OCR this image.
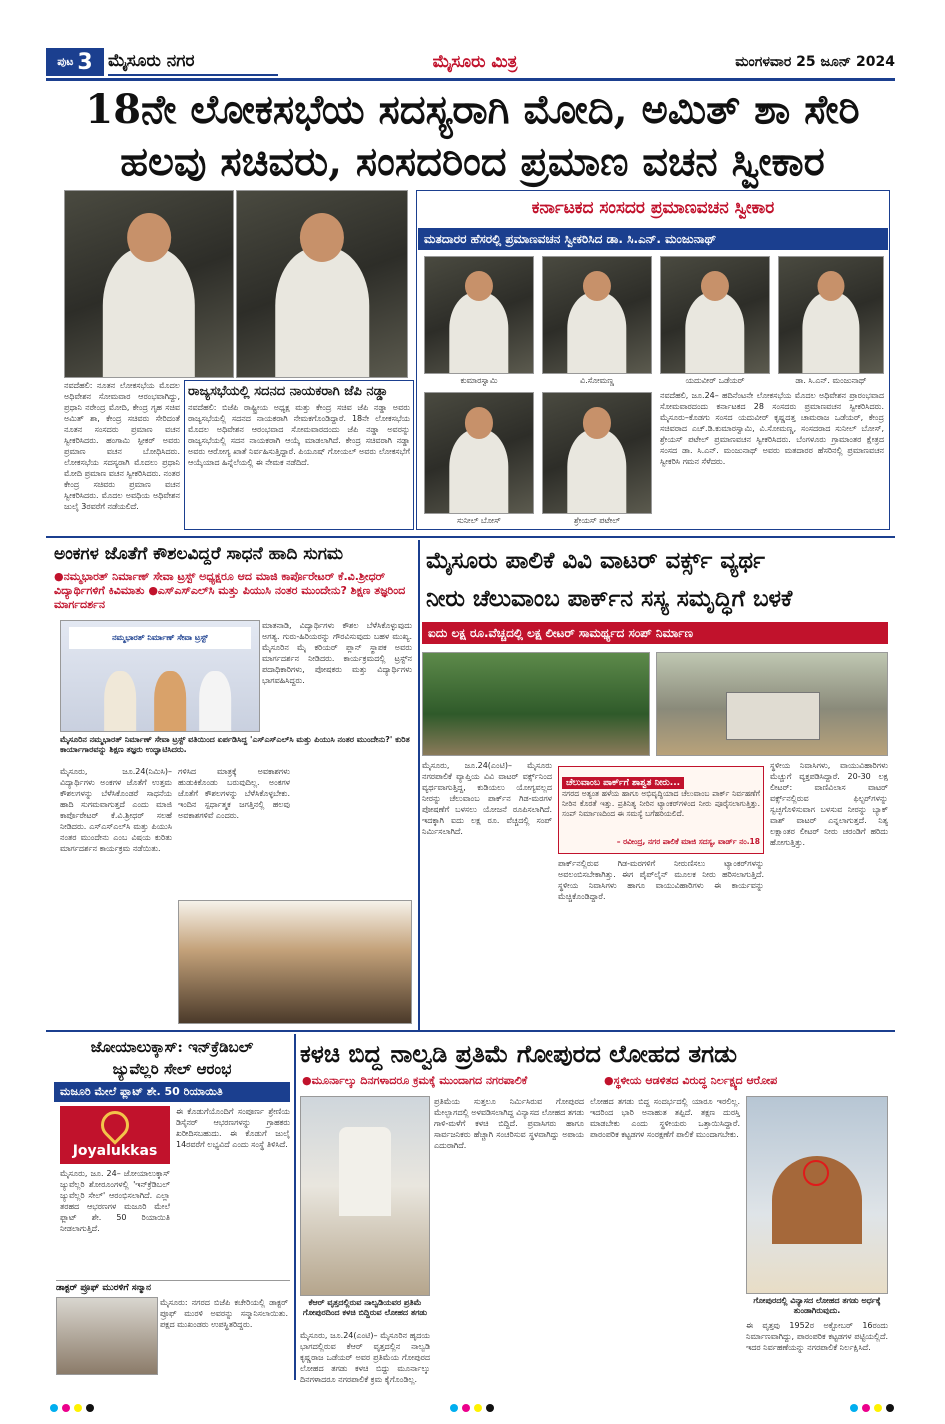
ಪುಟ 3 ಮೈಸೂರು ನಗರ	ಮೈಸೂರು ಮಿತ್ರ	ಮಂಗಳವಾರ 25 ಜೂನ್ 2024
18ನೇ ಲೋಕಸಭೆಯ ಸದಸ್ಯರಾಗಿ ಮೋದಿ, ಅಮಿತ್ ಶಾ ಸೇರಿ
ಹಲವು ಸಚಿವರು, ಸಂಸದರಿಂದ ಪ್ರಮಾಣ ವಚನ ಸ್ವೀಕಾರ
ನವದೆಹಲಿ: ನೂತನ ಲೋಕಸಭೆಯ ಮೊದಲ ಅಧಿವೇಶನ ಸೋಮವಾರ ಆರಂಭವಾಗಿದ್ದು, ಪ್ರಧಾನಿ ನರೇಂದ್ರ ಮೋದಿ, ಕೇಂದ್ರ ಗೃಹ ಸಚಿವ ಅಮಿತ್ ಶಾ, ಕೇಂದ್ರ ಸಚಿವರು ಸೇರಿದಂತೆ ನೂತನ ಸಂಸದರು ಪ್ರಮಾಣ ವಚನ ಸ್ವೀಕರಿಸಿದರು. ಹಂಗಾಮಿ ಸ್ಪೀಕರ್ ಅವರು ಪ್ರಮಾಣ ವಚನ ಬೋಧಿಸಿದರು. ಲೋಕಸಭೆಯ ಸದಸ್ಯರಾಗಿ ಮೊದಲು ಪ್ರಧಾನಿ ಮೋದಿ ಪ್ರಮಾಣ ವಚನ ಸ್ವೀಕರಿಸಿದರು. ನಂತರ ಕೇಂದ್ರ ಸಚಿವರು ಪ್ರಮಾಣ ವಚನ ಸ್ವೀಕರಿಸಿದರು. ಮೊದಲ ಅವಧಿಯ ಅಧಿವೇಶನ ಜುಲೈ 3ರವರೆಗೆ ನಡೆಯಲಿದೆ.
ರಾಜ್ಯಸಭೆಯಲ್ಲಿ ಸದನದ ನಾಯಕರಾಗಿ ಜೆಪಿ ನಡ್ಡಾ
ನವದೆಹಲಿ: ಬಿಜೆಪಿ ರಾಷ್ಟ್ರೀಯ ಅಧ್ಯಕ್ಷ ಮತ್ತು ಕೇಂದ್ರ ಸಚಿವ ಜೆಪಿ ನಡ್ಡಾ ಅವರು ರಾಜ್ಯಸಭೆಯಲ್ಲಿ ಸದನದ ನಾಯಕರಾಗಿ ನೇಮಕಗೊಂಡಿದ್ದಾರೆ. 18ನೇ ಲೋಕಸಭೆಯ ಮೊದಲ ಅಧಿವೇಶನ ಆರಂಭವಾದ ಸೋಮವಾರದಂದು ಜೆಪಿ ನಡ್ಡಾ ಅವರನ್ನು ರಾಜ್ಯಸಭೆಯಲ್ಲಿ ಸದನ ನಾಯಕರಾಗಿ ಆಯ್ಕೆ ಮಾಡಲಾಗಿದೆ. ಕೇಂದ್ರ ಸಚಿವರಾಗಿ ನಡ್ಡಾ ಅವರು ಆರೋಗ್ಯ ಖಾತೆ ನಿರ್ವಹಿಸುತ್ತಿದ್ದಾರೆ. ಪಿಯೂಷ್ ಗೋಯಲ್ ಅವರು ಲೋಕಸಭೆಗೆ ಆಯ್ಕೆಯಾದ ಹಿನ್ನೆಲೆಯಲ್ಲಿ ಈ ನೇಮಕ ನಡೆದಿದೆ.
ಕರ್ನಾಟಕದ ಸಂಸದರ ಪ್ರಮಾಣವಚನ ಸ್ವೀಕಾರ
ಮತದಾರರ ಹೆಸರಲ್ಲಿ ಪ್ರಮಾಣವಚನ ಸ್ವೀಕರಿಸಿದ ಡಾ. ಸಿ.ಎನ್. ಮಂಜುನಾಥ್
ಕುಮಾರಸ್ವಾಮಿ	ವಿ.ಸೋಮಣ್ಣ	ಯದುವೀರ್ ಒಡೆಯರ್	ಡಾ. ಸಿ.ಎನ್. ಮಂಜುನಾಥ್
ಸುನೀಲ್ ಬೋಸ್	ಶ್ರೇಯಸ್ ಪಟೇಲ್
ನವದೆಹಲಿ, ಜೂ.24– ಹದಿನೆಂಟನೇ ಲೋಕಸಭೆಯ ಮೊದಲ ಅಧಿವೇಶನ ಪ್ರಾರಂಭವಾದ ಸೋಮವಾರದಂದು ಕರ್ನಾಟಕದ 28 ಸಂಸದರು ಪ್ರಮಾಣವಚನ ಸ್ವೀಕರಿಸಿದರು. ಮೈಸೂರು–ಕೊಡಗು ಸಂಸದ ಯದುವೀರ್ ಕೃಷ್ಣದತ್ತ ಚಾಮರಾಜ ಒಡೆಯರ್, ಕೇಂದ್ರ ಸಚಿವರಾದ ಎಚ್.ಡಿ.ಕುಮಾರಸ್ವಾಮಿ, ವಿ.ಸೋಮಣ್ಣ, ಸಂಸದರಾದ ಸುನೀಲ್ ಬೋಸ್, ಶ್ರೇಯಸ್ ಪಟೇಲ್ ಪ್ರಮಾಣವಚನ ಸ್ವೀಕರಿಸಿದರು. ಬೆಂಗಳೂರು ಗ್ರಾಮಾಂತರ ಕ್ಷೇತ್ರದ ಸಂಸದ ಡಾ. ಸಿ.ಎನ್. ಮಂಜುನಾಥ್ ಅವರು ಮತದಾರರ ಹೆಸರಿನಲ್ಲಿ ಪ್ರಮಾಣವಚನ ಸ್ವೀಕರಿಸಿ ಗಮನ ಸೆಳೆದರು.
ಅಂಕಗಳ ಜೊತೆಗೆ ಕೌಶಲವಿದ್ದರೆ ಸಾಧನೆ ಹಾದಿ ಸುಗಮ
●ನಮ್ಮಭಾರತ್ ನಿರ್ಮಾಣ್ ಸೇವಾ ಟ್ರಸ್ಟ್ ಅಧ್ಯಕ್ಷರೂ ಆದ ಮಾಜಿ ಕಾರ್ಪೊರೇಟರ್ ಕೆ.ವಿ.ಶ್ರೀಧರ್ ವಿದ್ಯಾರ್ಥಿಗಳಿಗೆ ಕಿವಿಮಾತು ●ಎಸ್‌ಎಸ್‌ಎಲ್‌ಸಿ ಮತ್ತು ಪಿಯುಸಿ ನಂತರ ಮುಂದೇನು? ಶಿಕ್ಷಣ ತಜ್ಞರಿಂದ ಮಾರ್ಗದರ್ಶನ
ನಮ್ಮಭಾರತ್ ನಿರ್ಮಾಣ್ ಸೇವಾ ಟ್ರಸ್ಟ್
ಮಾತನಾಡಿ, ವಿದ್ಯಾರ್ಥಿಗಳು ಕೌಶಲ ಬೆಳೆಸಿಕೊಳ್ಳುವುದು ಅಗತ್ಯ. ಗುರು-ಹಿರಿಯರನ್ನು ಗೌರವಿಸುವುದು ಬಹಳ ಮುಖ್ಯ. ಮೈಸೂರಿನ ಮೈ ಕರಿಯರ್ ಪ್ಲಾನ್ ಸ್ಥಾಪಕ ಅವರು ಮಾರ್ಗದರ್ಶನ ನೀಡಿದರು. ಕಾರ್ಯಕ್ರಮದಲ್ಲಿ ಟ್ರಸ್ಟ್‌ನ ಪದಾಧಿಕಾರಿಗಳು, ಪೋಷಕರು ಮತ್ತು ವಿದ್ಯಾರ್ಥಿಗಳು ಭಾಗವಹಿಸಿದ್ದರು.
ಮೈಸೂರಿನ ನಮ್ಮಭಾರತ್ ನಿರ್ಮಾಣ್ ಸೇವಾ ಟ್ರಸ್ಟ್ ವತಿಯಿಂದ ಏರ್ಪಡಿಸಿದ್ದ 'ಎಸ್‌ಎಸ್‌ಎಲ್‌ಸಿ ಮತ್ತು ಪಿಯುಸಿ ನಂತರ ಮುಂದೇನು?' ಕುರಿತ ಕಾರ್ಯಾಗಾರವನ್ನು ಶಿಕ್ಷಣ ತಜ್ಞರು ಉದ್ಘಾಟಿಸಿದರು.
ಮೈಸೂರು, ಜೂ.24(ನಿಮಿಸಿ)– ವಿದ್ಯಾರ್ಥಿಗಳು ಅಂಕಗಳ ಜೊತೆಗೆ ಉತ್ತಮ ಕೌಶಲಗಳನ್ನು ಬೆಳೆಸಿಕೊಂಡರೆ ಸಾಧನೆಯ ಹಾದಿ ಸುಗಮವಾಗುತ್ತದೆ ಎಂದು ಮಾಜಿ ಕಾರ್ಪೊರೇಟರ್ ಕೆ.ವಿ.ಶ್ರೀಧರ್ ಸಲಹೆ ನೀಡಿದರು. ಎಸ್‌ಎಸ್‌ಎಲ್‌ಸಿ ಮತ್ತು ಪಿಯುಸಿ ನಂತರ ಮುಂದೇನು ಎಂಬ ವಿಷಯ ಕುರಿತು ಮಾರ್ಗದರ್ಶನ ಕಾರ್ಯಕ್ರಮ ನಡೆಯಿತು.
ಗಳಿಸಿದ ಮಾತ್ರಕ್ಕೆ ಅವಕಾಶಗಳು ಹುಡುಕಿಕೊಂಡು ಬರುವುದಿಲ್ಲ. ಅಂಕಗಳ ಜೊತೆಗೆ ಕೌಶಲಗಳನ್ನು ಬೆಳೆಸಿಕೊಳ್ಳಬೇಕು. ಇಂದಿನ ಸ್ಪರ್ಧಾತ್ಮಕ ಜಗತ್ತಿನಲ್ಲಿ ಹಲವು ಅವಕಾಶಗಳಿವೆ ಎಂದರು.
ಮೈಸೂರು ಪಾಲಿಕೆ ವಿವಿ ವಾಟರ್ ವರ್ಕ್ಸ್ ವ್ಯರ್ಥ
ನೀರು ಚೆಲುವಾಂಬ ಪಾರ್ಕ್‌ನ ಸಸ್ಯ ಸಮೃದ್ಧಿಗೆ ಬಳಕೆ
ಐದು ಲಕ್ಷ ರೂ.ವೆಚ್ಚದಲ್ಲಿ ಲಕ್ಷ ಲೀಟರ್ ಸಾಮರ್ಥ್ಯದ ಸಂಪ್ ನಿರ್ಮಾಣ
ಮೈಸೂರು, ಜೂ.24(ಎಂಟಿ)– ಮೈಸೂರು ನಗರಪಾಲಿಕೆ ವ್ಯಾಪ್ತಿಯ ವಿವಿ ವಾಟರ್ ವರ್ಕ್ಸ್‌ನಿಂದ ವ್ಯರ್ಥವಾಗುತ್ತಿದ್ದ, ಕುಡಿಯಲು ಯೋಗ್ಯವಲ್ಲದ ನೀರನ್ನು ಚೆಲುವಾಂಬ ಪಾರ್ಕ್‌ನ ಗಿಡ-ಮರಗಳ ಪೋಷಣೆಗೆ ಬಳಸಲು ಯೋಜನೆ ರೂಪಿಸಲಾಗಿದೆ. ಇದಕ್ಕಾಗಿ ಐದು ಲಕ್ಷ ರೂ. ವೆಚ್ಚದಲ್ಲಿ ಸಂಪ್ ನಿರ್ಮಿಸಲಾಗಿದೆ.
ಚೆಲುವಾಂಬ ಪಾರ್ಕ್‌ಗೆ ಶಾಶ್ವತ ನೀರು...
ನಗರದ ಅತ್ಯಂತ ಹಳೆಯ ಹಾಗೂ ಅಭಿವೃದ್ಧಿಯಾದ ಚೆಲುವಾಂಬ ಪಾರ್ಕ್ ನಿರ್ವಹಣೆಗೆ ನೀರಿನ ಕೊರತೆ ಇತ್ತು. ಪ್ರತಿನಿತ್ಯ ನೀರಿನ ಟ್ಯಾಂಕರ್‌ಗಳಿಂದ ನೀರು ಪೂರೈಸಲಾಗುತ್ತಿತ್ತು. ಸಂಪ್ ನಿರ್ಮಾಣದಿಂದ ಈ ಸಮಸ್ಯೆ ಬಗೆಹರಿಯಲಿದೆ.
– ರವೀಂದ್ರ, ನಗರ ಪಾಲಿಕೆ ಮಾಜಿ ಸದಸ್ಯ, ವಾರ್ಡ್ ನಂ.18
ಪಾರ್ಕ್‌ನಲ್ಲಿರುವ ಗಿಡ-ಮರಗಳಿಗೆ ನೀರುಣಿಸಲು ಟ್ಯಾಂಕರ್‌ಗಳನ್ನು ಅವಲಂಬಿಸಬೇಕಾಗಿತ್ತು. ಈಗ ಪೈಪ್‌ಲೈನ್ ಮೂಲಕ ನೀರು ಹರಿಸಲಾಗುತ್ತಿದೆ. ಸ್ಥಳೀಯ ನಿವಾಸಿಗಳು ಹಾಗೂ ವಾಯುವಿಹಾರಿಗಳು ಈ ಕಾರ್ಯವನ್ನು ಮೆಚ್ಚಿಕೊಂಡಿದ್ದಾರೆ.
ಸ್ಥಳೀಯ ನಿವಾಸಿಗಳು, ವಾಯುವಿಹಾರಿಗಳು ಮೆಚ್ಚುಗೆ ವ್ಯಕ್ತಪಡಿಸಿದ್ದಾರೆ. 20-30 ಲಕ್ಷ ಲೀಟರ್: ವಾಣಿವಿಲಾಸ ವಾಟರ್ ವರ್ಕ್ಸ್‌ನಲ್ಲಿರುವ ಫಿಲ್ಟರ್‌ಗಳನ್ನು ಸ್ವಚ್ಛಗೊಳಿಸುವಾಗ ಬಳಸುವ ನೀರನ್ನು ಬ್ಯಾಕ್ ವಾಶ್ ವಾಟರ್ ಎನ್ನಲಾಗುತ್ತದೆ. ನಿತ್ಯ ಲಕ್ಷಾಂತರ ಲೀಟರ್ ನೀರು ಚರಂಡಿಗೆ ಹರಿದು ಹೋಗುತ್ತಿತ್ತು.
ಜೋಯಾಲುಕ್ಕಾಸ್: ಇನ್‌ಕ್ರೆಡಿಬಲ್
ಜ್ಯುವೆಲ್ಲರಿ ಸೇಲ್ ಆರಂಭ
ಮಜೂರಿ ಮೇಲೆ ಫ್ಲಾಟ್ ಶೇ. 50 ರಿಯಾಯಿತಿ
Joyalukkas
ಮೈಸೂರು, ಜೂ. 24– ಜೋಯಾಲುಕ್ಕಾಸ್ ಜ್ಯುವೆಲ್ಲರಿ ಶೋರೂಂಗಳಲ್ಲಿ 'ಇನ್‌ಕ್ರೆಡಿಬಲ್ ಜ್ಯುವೆಲ್ಲರಿ ಸೇಲ್' ಆರಂಭಿಸಲಾಗಿದೆ. ಎಲ್ಲಾ ತರಹದ ಆಭರಣಗಳ ಮಜೂರಿ ಮೇಲೆ ಫ್ಲಾಟ್ ಶೇ. 50 ರಿಯಾಯಿತಿ ನೀಡಲಾಗುತ್ತಿದೆ.
ಈ ಕೊಡುಗೆಯೊಂದಿಗೆ ಸಂಪೂರ್ಣ ಶ್ರೇಣಿಯ ಡಿಸೈನರ್ ಆಭರಣಗಳನ್ನು ಗ್ರಾಹಕರು ಖರೀದಿಸಬಹುದು. ಈ ಕೊಡುಗೆ ಜುಲೈ 14ರವರೆಗೆ ಲಭ್ಯವಿದೆ ಎಂದು ಸಂಸ್ಥೆ ತಿಳಿಸಿದೆ.
ಡಾಕ್ಟರ್ ಪ್ರೂಫ್ ಮುರಳಿಗೆ ಸನ್ಮಾನ
ಮೈಸೂರು: ನಗರದ ಬಿಜೆಪಿ ಕಚೇರಿಯಲ್ಲಿ ಡಾಕ್ಟರ್ ಪ್ರೂಫ್ ಮುರಳಿ ಅವರನ್ನು ಸನ್ಮಾನಿಸಲಾಯಿತು. ಪಕ್ಷದ ಮುಖಂಡರು ಉಪಸ್ಥಿತರಿದ್ದರು.
ಕಳಚಿ ಬಿದ್ದ ನಾಲ್ವಡಿ ಪ್ರತಿಮೆ ಗೋಪುರದ ಲೋಹದ ತಗಡು
●ಮೂರ್ನಾಲ್ಕು ದಿನಗಳಾದರೂ ಕ್ರಮಕ್ಕೆ ಮುಂದಾಗದ ನಗರಪಾಲಿಕೆ	●ಸ್ಥಳೀಯ ಆಡಳಿತದ ವಿರುದ್ಧ ನಿರ್ಲಕ್ಷ್ಯದ ಆರೋಪ
ಕೆಆರ್ ವೃತ್ತದಲ್ಲಿರುವ ನಾಲ್ವಡಿಯವರ ಪ್ರತಿಮೆ ಗೋಪುರದಿಂದ ಕಳಚಿ ಬಿದ್ದಿರುವ ಲೋಹದ ತಗಡು
ಮೈಸೂರು, ಜೂ.24(ಎಂಟಿ)– ಮೈಸೂರಿನ ಹೃದಯ ಭಾಗದಲ್ಲಿರುವ ಕೆಆರ್ ವೃತ್ತದಲ್ಲಿನ ನಾಲ್ವಡಿ ಕೃಷ್ಣರಾಜ ಒಡೆಯರ್ ಅವರ ಪ್ರತಿಮೆಯ ಗೋಪುರದ ಲೋಹದ ತಗಡು ಕಳಚಿ ಬಿದ್ದು ಮೂರ್ನಾಲ್ಕು ದಿನಗಳಾದರೂ ನಗರಪಾಲಿಕೆ ಕ್ರಮ ಕೈಗೊಂಡಿಲ್ಲ.
ಪ್ರತಿಮೆಯ ಸುತ್ತಲೂ ನಿರ್ಮಿಸಿರುವ ಗೋಪುರದ ಮೇಲ್ಭಾಗದಲ್ಲಿ ಅಳವಡಿಸಲಾಗಿದ್ದ ವಿನ್ಯಾಸದ ಲೋಹದ ತಗಡು ಗಾಳಿ-ಮಳೆಗೆ ಕಳಚಿ ಬಿದ್ದಿದೆ. ಪ್ರವಾಸಿಗರು ಹಾಗೂ ಸಾರ್ವಜನಿಕರು ಹೆಚ್ಚಾಗಿ ಸಂಚರಿಸುವ ಸ್ಥಳವಾಗಿದ್ದು ಅಪಾಯ ಎದುರಾಗಿದೆ.
ಲೋಹದ ತಗಡು ಬಿದ್ದ ಸಂದರ್ಭದಲ್ಲಿ ಯಾರೂ ಇರಲಿಲ್ಲ. ಇದರಿಂದ ಭಾರಿ ಅನಾಹುತ ತಪ್ಪಿದೆ. ತಕ್ಷಣ ದುರಸ್ತಿ ಮಾಡಬೇಕು ಎಂದು ಸ್ಥಳೀಯರು ಒತ್ತಾಯಿಸಿದ್ದಾರೆ. ಪಾರಂಪರಿಕ ಕಟ್ಟಡಗಳ ಸಂರಕ್ಷಣೆಗೆ ಪಾಲಿಕೆ ಮುಂದಾಗಬೇಕು.
ಗೋಪುರದಲ್ಲಿ ವಿನ್ಯಾಸದ ಲೋಹದ ತಗಡು ಅರ್ಧಕ್ಕೆ ತುಂಡಾಗಿರುವುದು.
ಈ ವೃತ್ತವು 1952ರ ಅಕ್ಟೋಬರ್ 16ರಂದು ನಿರ್ಮಾಣವಾಗಿದ್ದು, ಪಾರಂಪರಿಕ ಕಟ್ಟಡಗಳ ಪಟ್ಟಿಯಲ್ಲಿದೆ. ಇದರ ನಿರ್ವಹಣೆಯನ್ನು ನಗರಪಾಲಿಕೆ ನಿರ್ಲಕ್ಷಿಸಿದೆ.
